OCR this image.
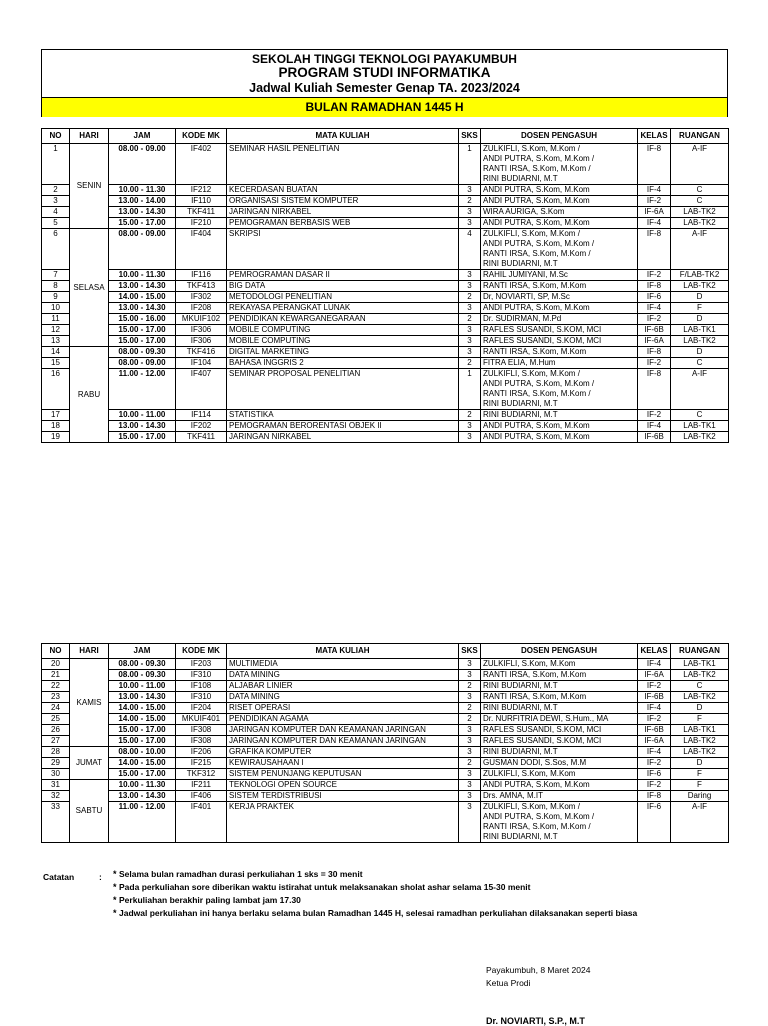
SEKOLAH TINGGI TEKNOLOGI PAYAKUMBUH
PROGRAM STUDI INFORMATIKA
Jadwal Kuliah Semester Genap TA. 2023/2024
BULAN RAMADHAN 1445 H
NO	HARI	JAM	KODE MK	MATA KULIAH	SKS	DOSEN PENGASUH	KELAS	RUANGAN
1	SENIN	08.00 - 09.00	IF402	SEMINAR HASIL PENELITIAN	1	ZULKIFLI, S.Kom, M.Kom /
ANDI PUTRA, S.Kom, M.Kom /
RANTI IRSA, S.Kom, M.Kom /
RINI BUDIARNI, M.T	IF-8	A-IF
2		10.00 - 11.30	IF212	KECERDASAN BUATAN	3	ANDI PUTRA, S.Kom, M.Kom	IF-4	C
3		13.00 - 14.00	IF110	ORGANISASI SISTEM KOMPUTER	2	ANDI PUTRA, S.Kom, M.Kom	IF-2	C
4		13.00 - 14.30	TKF411	JARINGAN NIRKABEL	3	WIRA AURIGA, S.Kom	IF-6A	LAB-TK2
5		15.00 - 17.00	IF210	PEMOGRAMAN BERBASIS WEB	3	ANDI PUTRA, S.Kom, M.Kom	IF-4	LAB-TK2
6	SELASA	08.00 - 09.00	IF404	SKRIPSI	4	ZULKIFLI, S.Kom, M.Kom /
ANDI PUTRA, S.Kom, M.Kom /
RANTI IRSA, S.Kom, M.Kom /
RINI BUDIARNI, M.T	IF-8	A-IF
7		10.00 - 11.30	IF116	PEMROGRAMAN DASAR II	3	RAHIL JUMIYANI, M.Sc	IF-2	F/LAB-TK2
8		13.00 - 14.30	TKF413	BIG DATA	3	RANTI IRSA, S.Kom, M.Kom	IF-8	LAB-TK2
9		14.00 - 15.00	IF302	METODOLOGI PENELITIAN	2	Dr, NOVIARTI, SP, M.Sc	IF-6	D
10		13.00 - 14.30	IF208	REKAYASA PERANGKAT LUNAK	3	ANDI PUTRA, S.Kom, M.Kom	IF-4	F
11		15.00 - 16.00	MKUIF102	PENDIDIKAN KEWARGANEGARAAN	2	Dr. SUDIRMAN, M.Pd	IF-2	D
12		15.00 - 17.00	IF306	MOBILE COMPUTING	3	RAFLES SUSANDI, S.KOM, MCI	IF-6B	LAB-TK1
13		15.00 - 17.00	IF306	MOBILE COMPUTING	3	RAFLES SUSANDI, S.KOM, MCI	IF-6A	LAB-TK2
14	RABU	08.00 - 09.30	TKF416	DIGITAL MARKETING	3	RANTI IRSA, S.Kom, M.Kom	IF-8	D
15		08.00 - 09.00	IF104	BAHASA INGGRIS 2	2	FITRA ELIA, M.Hum	IF-2	C
16		11.00 - 12.00	IF407	SEMINAR PROPOSAL PENELITIAN	1	ZULKIFLI, S.Kom, M.Kom /
ANDI PUTRA, S.Kom, M.Kom /
RANTI IRSA, S.Kom, M.Kom /
RINI BUDIARNI, M.T	IF-8	A-IF
17		10.00 - 11.00	IF114	STATISTIKA	2	RINI BUDIARNI, M.T	IF-2	C
18		13.00 - 14.30	IF202	PEMOGRAMAN BERORENTASI OBJEK II	3	ANDI PUTRA, S.Kom, M.Kom	IF-4	LAB-TK1
19		15.00 - 17.00	TKF411	JARINGAN NIRKABEL	3	ANDI PUTRA, S.Kom, M.Kom	IF-6B	LAB-TK2
NO	HARI	JAM	KODE MK	MATA KULIAH	SKS	DOSEN PENGASUH	KELAS	RUANGAN
20	KAMIS	08.00 - 09.30	IF203	MULTIMEDIA	3	ZULKIFLI, S.Kom, M.Kom	IF-4	LAB-TK1
21		08.00 - 09.30	IF310	DATA MINING	3	RANTI IRSA, S.Kom, M.Kom	IF-6A	LAB-TK2
22		10.00 - 11.00	IF108	ALJABAR LINIER	2	RINI BUDIARNI, M.T	IF-2	C
23		13.00 - 14.30	IF310	DATA MINING	3	RANTI IRSA, S.Kom, M.Kom	IF-6B	LAB-TK2
24		14.00 - 15.00	IF204	RISET OPERASI	2	RINI BUDIARNI, M.T	IF-4	D
25		14.00 - 15.00	MKUIF401	PENDIDIKAN AGAMA	2	Dr. NURFITRIA DEWI, S.Hum., MA	IF-2	F
26		15.00 - 17.00	IF308	JARINGAN KOMPUTER DAN KEAMANAN JARINGAN	3	RAFLES SUSANDI, S.KOM, MCI	IF-6B	LAB-TK1
27		15.00 - 17.00	IF308	JARINGAN KOMPUTER DAN KEAMANAN JARINGAN	3	RAFLES SUSANDI, S.KOM, MCI	IF-6A	LAB-TK2
28	JUMAT	08.00 - 10.00	IF206	GRAFIKA KOMPUTER	3	RINI BUDIARNI, M.T	IF-4	LAB-TK2
29		14.00 - 15.00	IF215	KEWIRAUSAHAAN I	2	GUSMAN DODI, S.Sos, M.M	IF-2	D
30		15.00 - 17.00	TKF312	SISTEM PENUNJANG KEPUTUSAN	3	ZULKIFLI, S.Kom, M.Kom	IF-6	F
31	SABTU	10.00 - 11.30	IF211	TEKNOLOGI OPEN SOURCE	3	ANDI PUTRA, S.Kom, M.Kom	IF-2	F
32		13.00 - 14.30	IF406	SISTEM TERDISTRIBUSI	3	Drs. AMNA, M.IT	IF-8	Daring
33		11.00 - 12.00	IF401	KERJA PRAKTEK	3	ZULKIFLI, S.Kom, M.Kom /
ANDI PUTRA, S.Kom, M.Kom /
RANTI IRSA, S.Kom, M.Kom /
RINI BUDIARNI, M.T	IF-6	A-IF
Catatan	:	* Selama bulan ramadhan durasi perkuliahan 1 sks = 30 menit
* Pada perkuliahan sore diberikan waktu istirahat untuk melaksanakan sholat ashar selama 15-30 menit
* Perkuliahan berakhir paling lambat jam 17.30
* Jadwal perkuliahan ini hanya berlaku selama bulan Ramadhan 1445 H, selesai ramadhan perkuliahan dilaksanakan seperti biasa
Payakumbuh, 8 Maret 2024
Ketua Prodi
Dr. NOVIARTI, S.P., M.T
